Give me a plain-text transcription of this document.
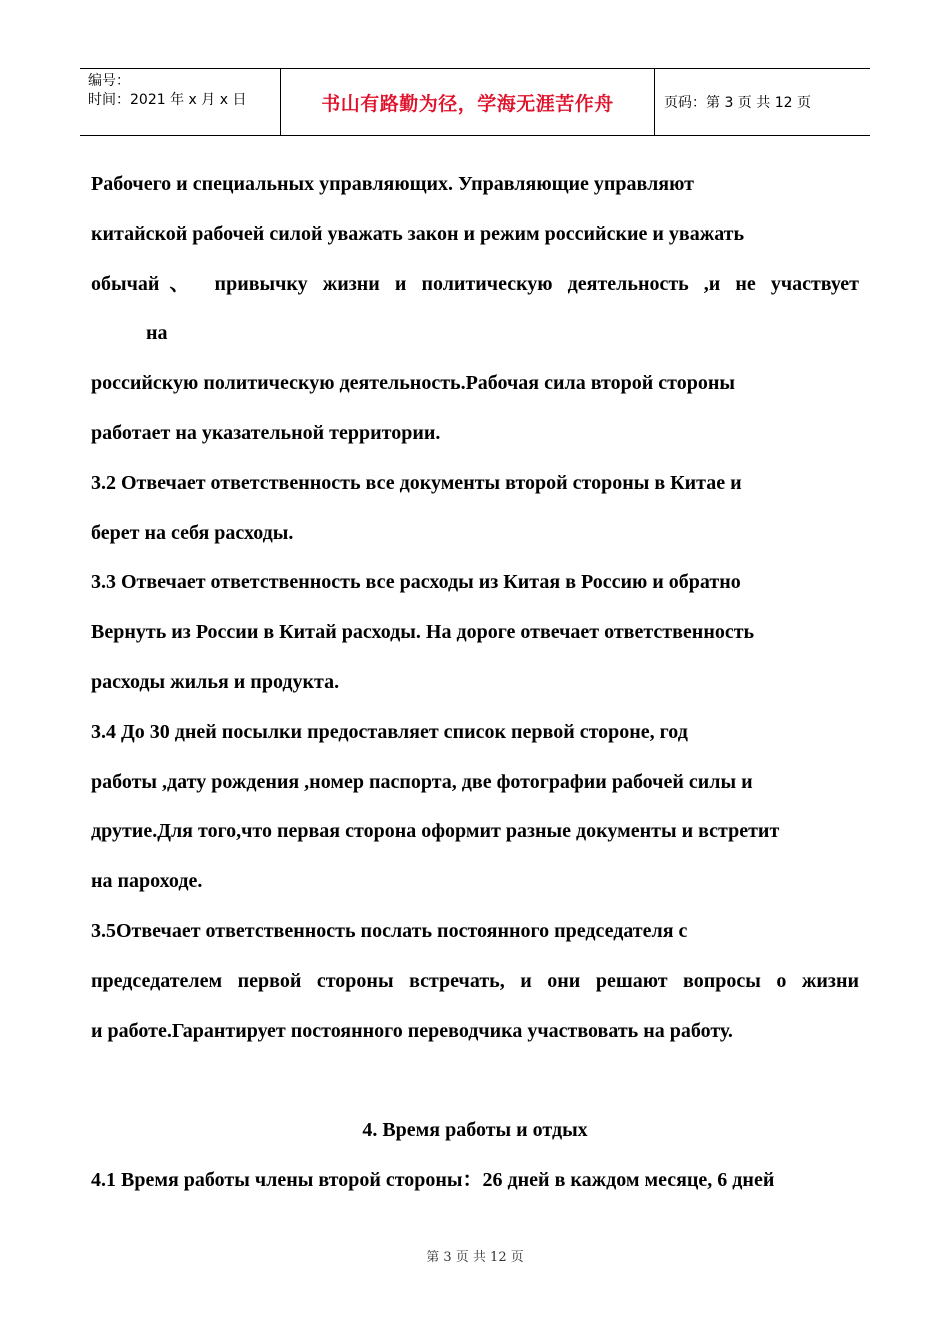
编号：
时间：2021 年 x 月 x 日	书山有路勤为径，学海无涯苦作舟	页码：第 3 页 共 12 页
Рабочего и специальных управляющих. Управляющие управляют
китайской рабочей силой уважать закон и режим российские и уважать
обычай、 привычку жизни и политическую деятельность ,и не участвует
на
российскую политическую деятельность.Рабочая сила второй стороны
работает на указательной территории.
3.2 Отвечает ответственность все документы второй стороны в Китае и
берет на себя расходы.
3.3 Отвечает ответственность все расходы из Китая в Россию и обратно
Вернуть из России в Китай расходы. На дороге отвечает ответственность
расходы жилья и продукта.
3.4 До 30 дней посылки предоставляет список первой стороне, год
работы ,дату рождения ,номер паспорта, две фотографии рабочей силы и
друтие.Для того,что первая сторона оформит разные документы и встретит
на пароходе.
3.5Отвечает ответственность послать постоянного председателя с
председателем первой стороны встречать, и они решают вопросы о жизни
и работе.Гарантирует постоянного переводчика участвовать на работу.
4. Время работы и отдых
4.1 Время работы члены второй стороны：26 дней в каждом месяце, 6 дней
第 3 页 共 12 页
